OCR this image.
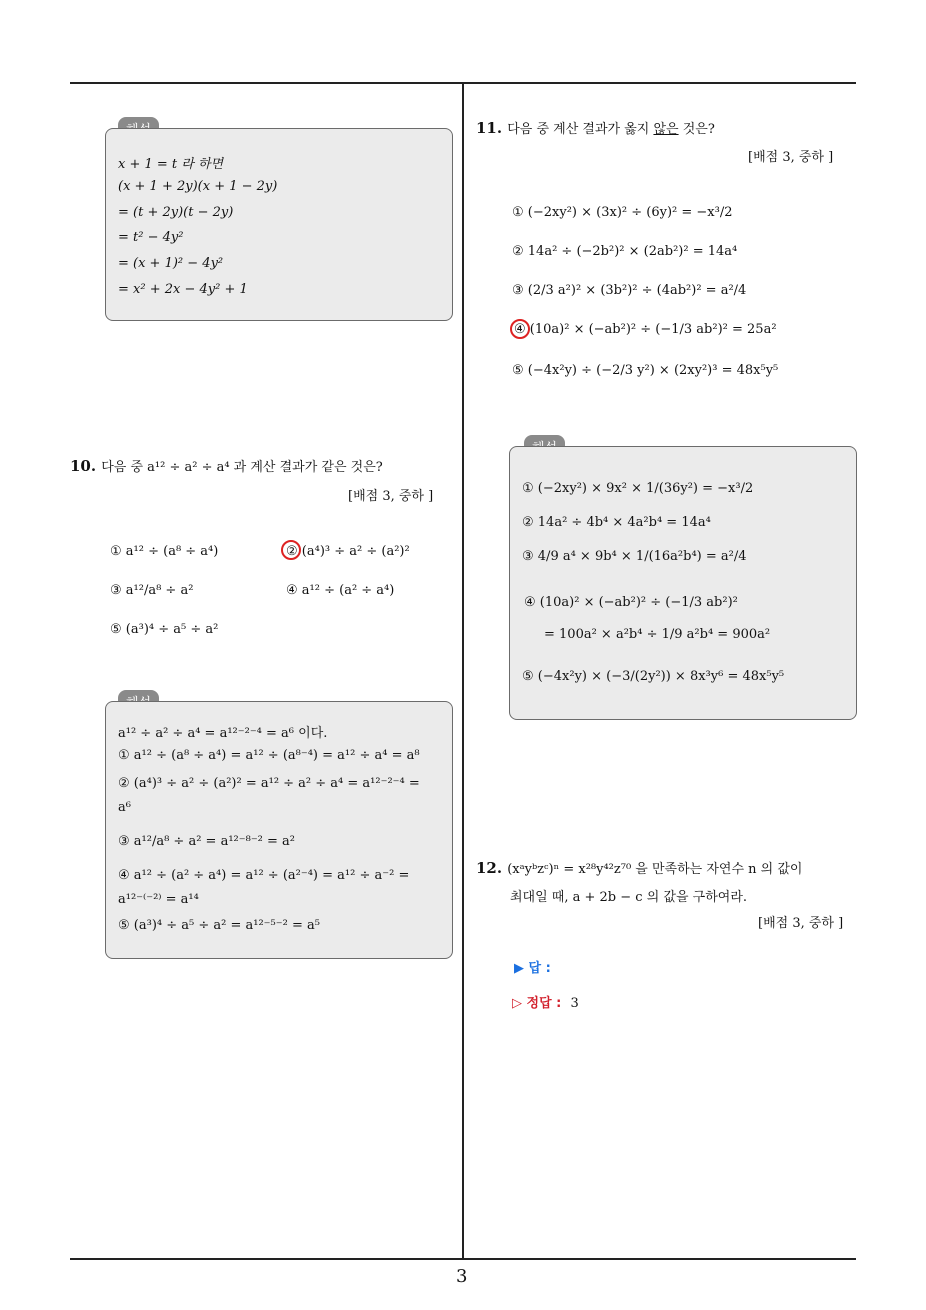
3
x + 1 = t 라 하면
(x + 1 + 2y)(x + 1 − 2y)
= (t + 2y)(t − 2y)
= t² − 4y²
= (x + 1)² − 4y²
= x² + 2x − 4y² + 1
10. 다음 중 a¹² ÷ a² ÷ a⁴ 과 계산 결과가 같은 것은?
[배점 3, 중하 ]
① a¹² ÷ (a⁸ ÷ a⁴)	② (a⁴)³ ÷ a² ÷ (a²)²
③ a¹²/a⁸ ÷ a²	④ a¹² ÷ (a² ÷ a⁴)
⑤ (a³)⁴ ÷ a⁵ ÷ a²
a¹² ÷ a² ÷ a⁴ = a¹²⁻²⁻⁴ = a⁶ 이다.
① a¹² ÷ (a⁸ ÷ a⁴) = a¹² ÷ (a⁸⁻⁴) = a¹² ÷ a⁴ = a⁸
② (a⁴)³ ÷ a² ÷ (a²)² = a¹² ÷ a² ÷ a⁴ = a¹²⁻²⁻⁴ =
a⁶
③ a¹²/a⁸ ÷ a² = a¹²⁻⁸⁻² = a²
④ a¹² ÷ (a² ÷ a⁴) = a¹² ÷ (a²⁻⁴) = a¹² ÷ a⁻² =
a¹²⁻⁽⁻²⁾ = a¹⁴
⑤ (a³)⁴ ÷ a⁵ ÷ a² = a¹²⁻⁵⁻² = a⁵
11. 다음 중 계산 결과가 옳지 않은 것은?
[배점 3, 중하 ]
① (−2xy²) × (3x)² ÷ (6y)² = −x³/2
② 14a² ÷ (−2b²)² × (2ab²)² = 14a⁴
③ (2/3 a²)² × (3b²)² ÷ (4ab²)² = a²/4
④ (10a)² × (−ab²)² ÷ (−1/3 ab²)² = 25a²
⑤ (−4x²y) ÷ (−2/3 y²) × (2xy²)³ = 48x⁵y⁵
① (−2xy²) × 9x² × 1/(36y²) = −x³/2
② 14a² ÷ 4b⁴ × 4a²b⁴ = 14a⁴
③ 4/9 a⁴ × 9b⁴ × 1/(16a²b⁴) = a²/4
④ (10a)² × (−ab²)² ÷ (−1/3 ab²)²
= 100a² × a²b⁴ ÷ 1/9 a²b⁴ = 900a²
⑤ (−4x²y) × (−3/(2y²)) × 8x³y⁶ = 48x⁵y⁵
12. (xᵃyᵇzᶜ)ⁿ = x²⁸y⁴²z⁷⁰ 을 만족하는 자연수 n 의 값이
최대일 때, a + 2b − c 의 값을 구하여라.
[배점 3, 중하 ]
▶ 답 :
▷ 정답 : 3
